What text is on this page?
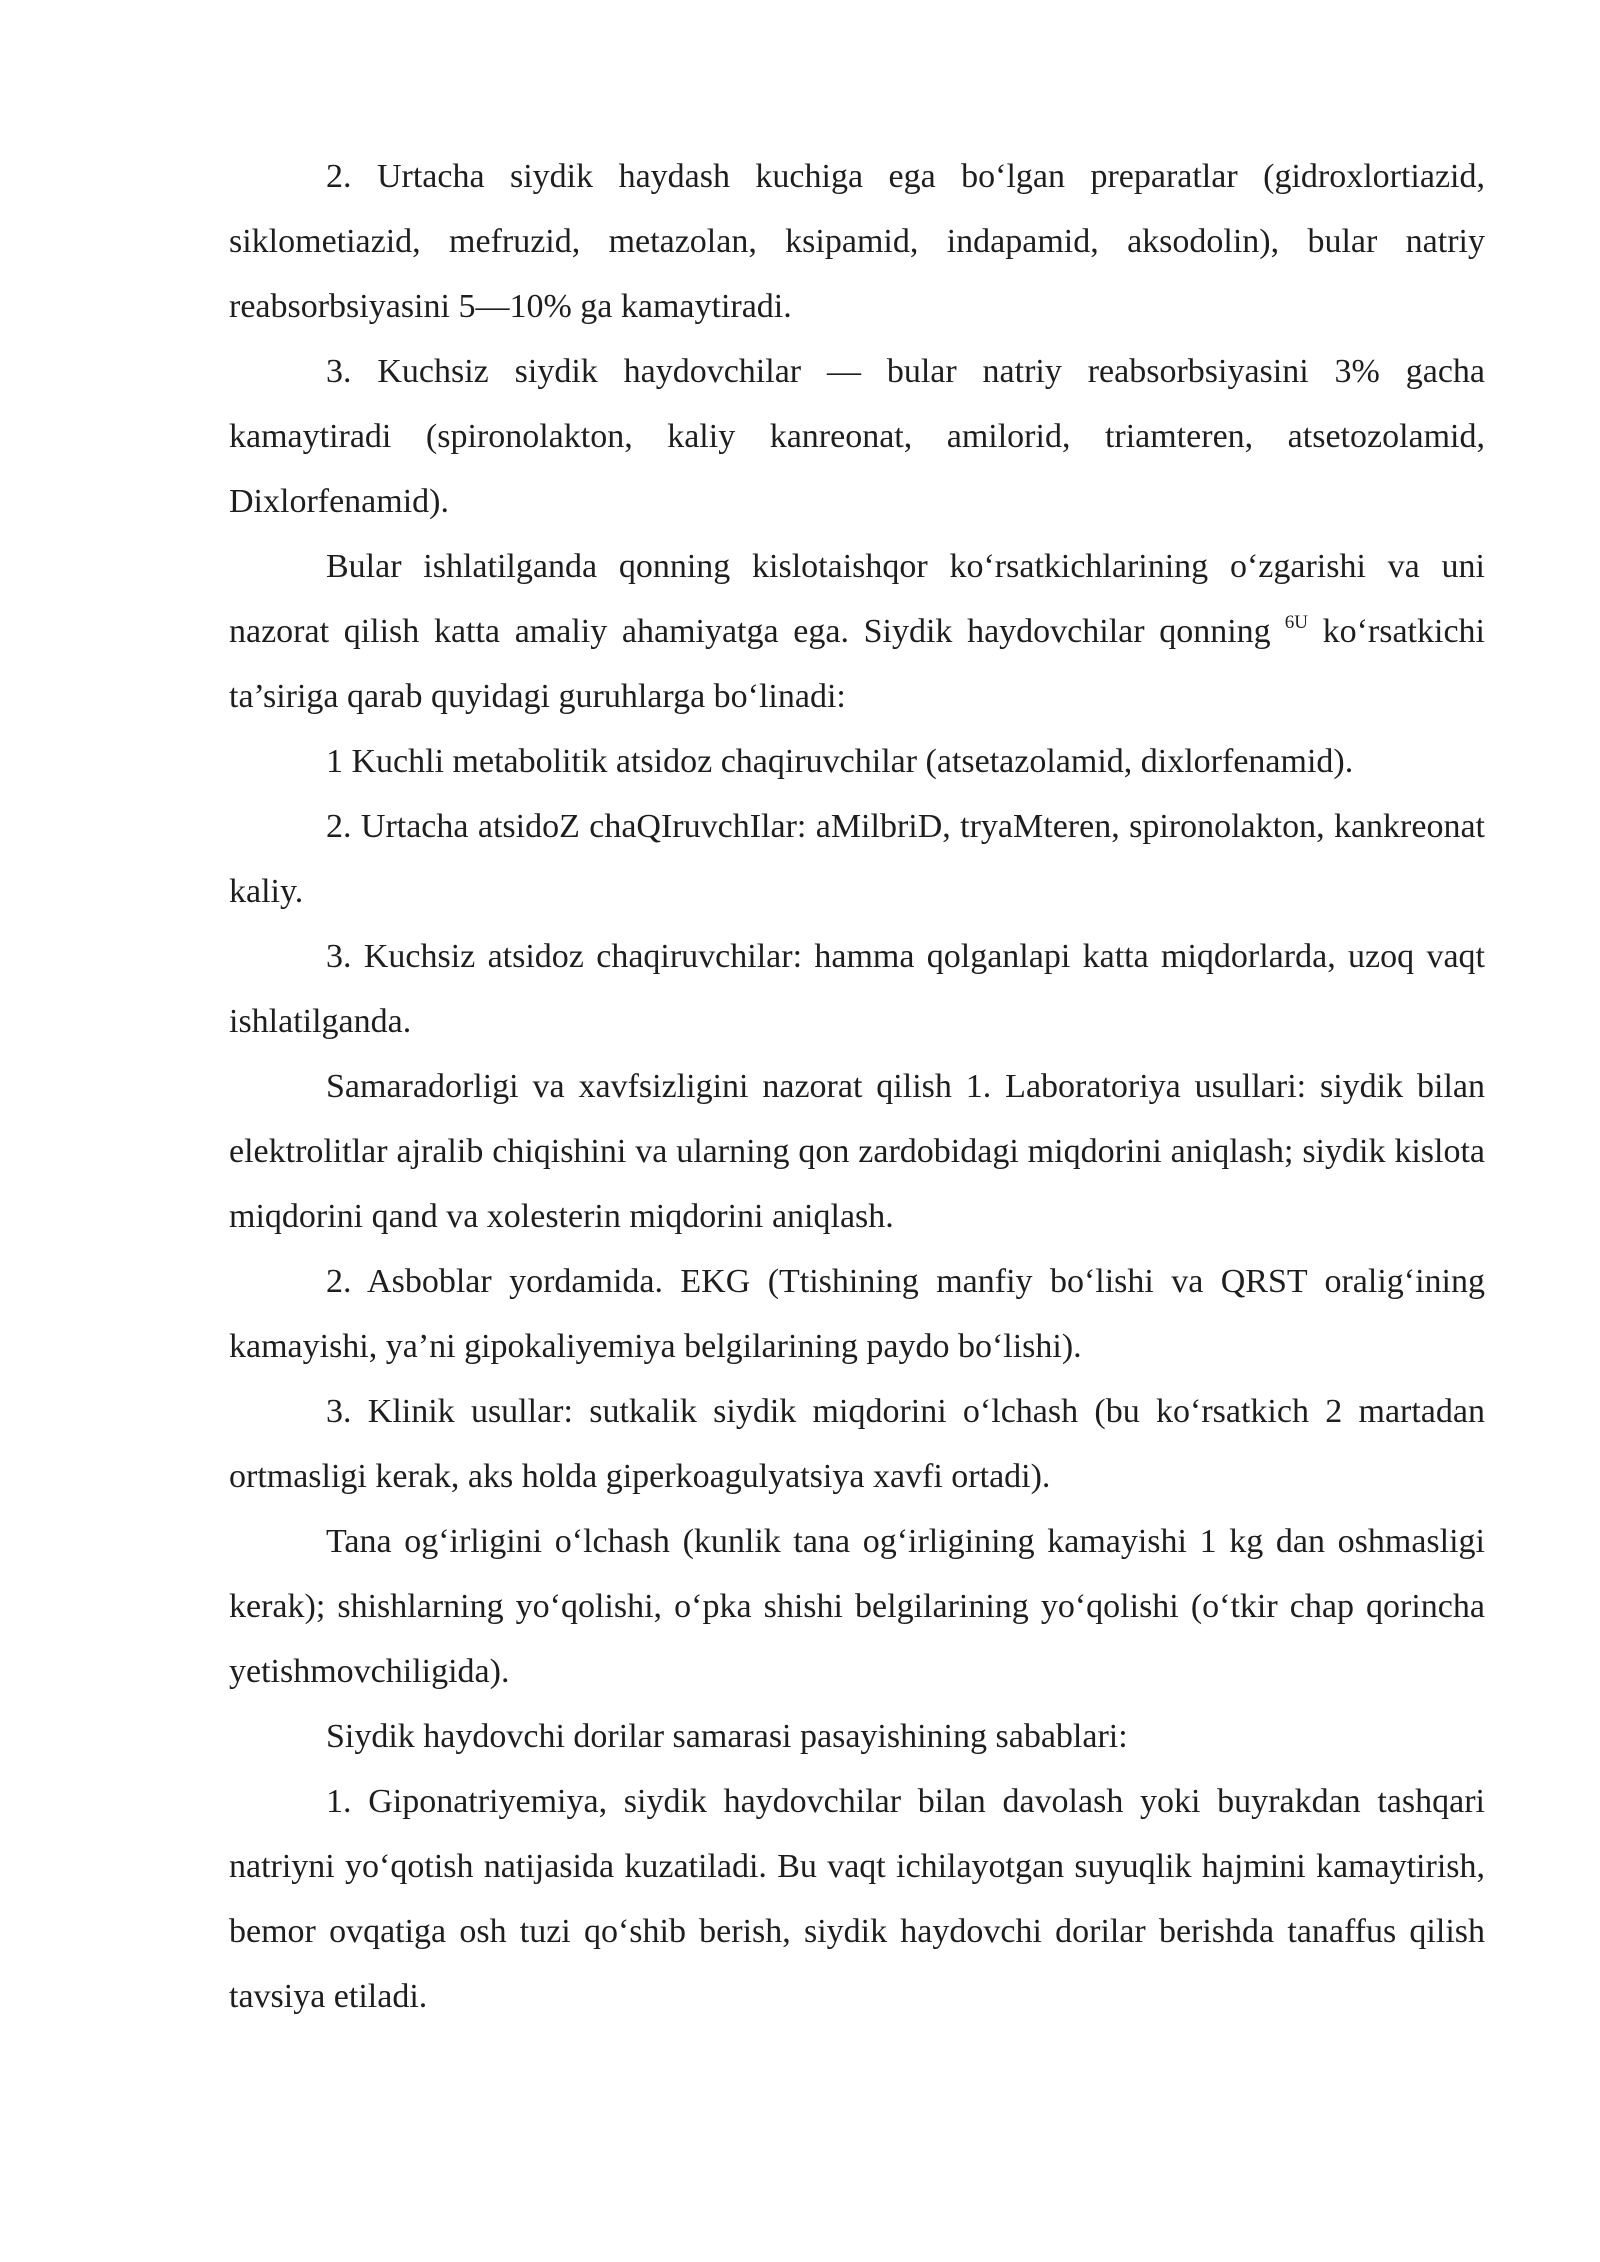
2. Urtacha siydik haydash kuchiga ega bo‘lgan preparatlar (gidroxlortiazid, siklometiazid, mefruzid, metazolan, ksipamid, indapamid, aksodolin), bular natriy reabsorbsiyasini 5—10% ga kamaytiradi.

3. Kuchsiz siydik haydovchilar — bular natriy reabsorbsiyasini 3% gacha kamaytiradi (spironolakton, kaliy kanreonat, amilorid, triamteren, atsetozolamid, Dixlorfenamid).

Bular ishlatilganda qonning kislotaishqor ko‘rsatkichlarining o‘zgarishi va uni nazorat qilish katta amaliy ahamiyatga ega. Siydik haydovchilar qonning $^{6U}$ ko‘rsatkichi ta’siriga qarab quyidagi guruhlarga bo‘linadi:

1 Kuchli metabolitik atsidoz chaqiruvchilar (atsetazolamid, dixlorfenamid).

2. Urtacha atsidoZ chaQIruvchIlar: aMilbriD, tryaMteren, spironolakton, kankreonat kaliy.

3. Kuchsiz atsidoz chaqiruvchilar: hamma qolganlapi katta miqdorlarda, uzoq vaqt ishlatilganda.

Samaradorligi va xavfsizligini nazorat qilish 1. Laboratoriya usullari: siydik bilan elektrolitlar ajralib chiqishini va ularning qon zardobidagi miqdorini aniqlash; siydik kislota miqdorini qand va xolesterin miqdorini aniqlash.

2. Asboblar yordamida. EKG (Ttishining manfiy bo‘lishi va QRST oralig‘ining kamayishi, ya’ni gipokaliyemiya belgilarining paydo bo‘lishi).

3. Klinik usullar: sutkalik siydik miqdorini o‘lchash (bu ko‘rsatkich 2 martadan ortmasligi kerak, aks holda giperkoagulyatsiya xavfi ortadi).

Tana og‘irligini o‘lchash (kunlik tana og‘irligining kamayishi 1 kg dan oshmasligi kerak); shishlarning yo‘qolishi, o‘pka shishi belgilarining yo‘qolishi (o‘tkir chap qorincha yetishmovchiligida).

Siydik haydovchi dorilar samarasi pasayishining sabablari:

1. Giponatriyemiya, siydik haydovchilar bilan davolash yoki buyrakdan tashqari natriyni yo‘qotish natijasida kuzatiladi. Bu vaqt ichilayotgan suyuqlik hajmini kamaytirish, bemor ovqatiga osh tuzi qo‘shib berish, siydik haydovchi dorilar berishda tanaffus qilish tavsiya etiladi.
